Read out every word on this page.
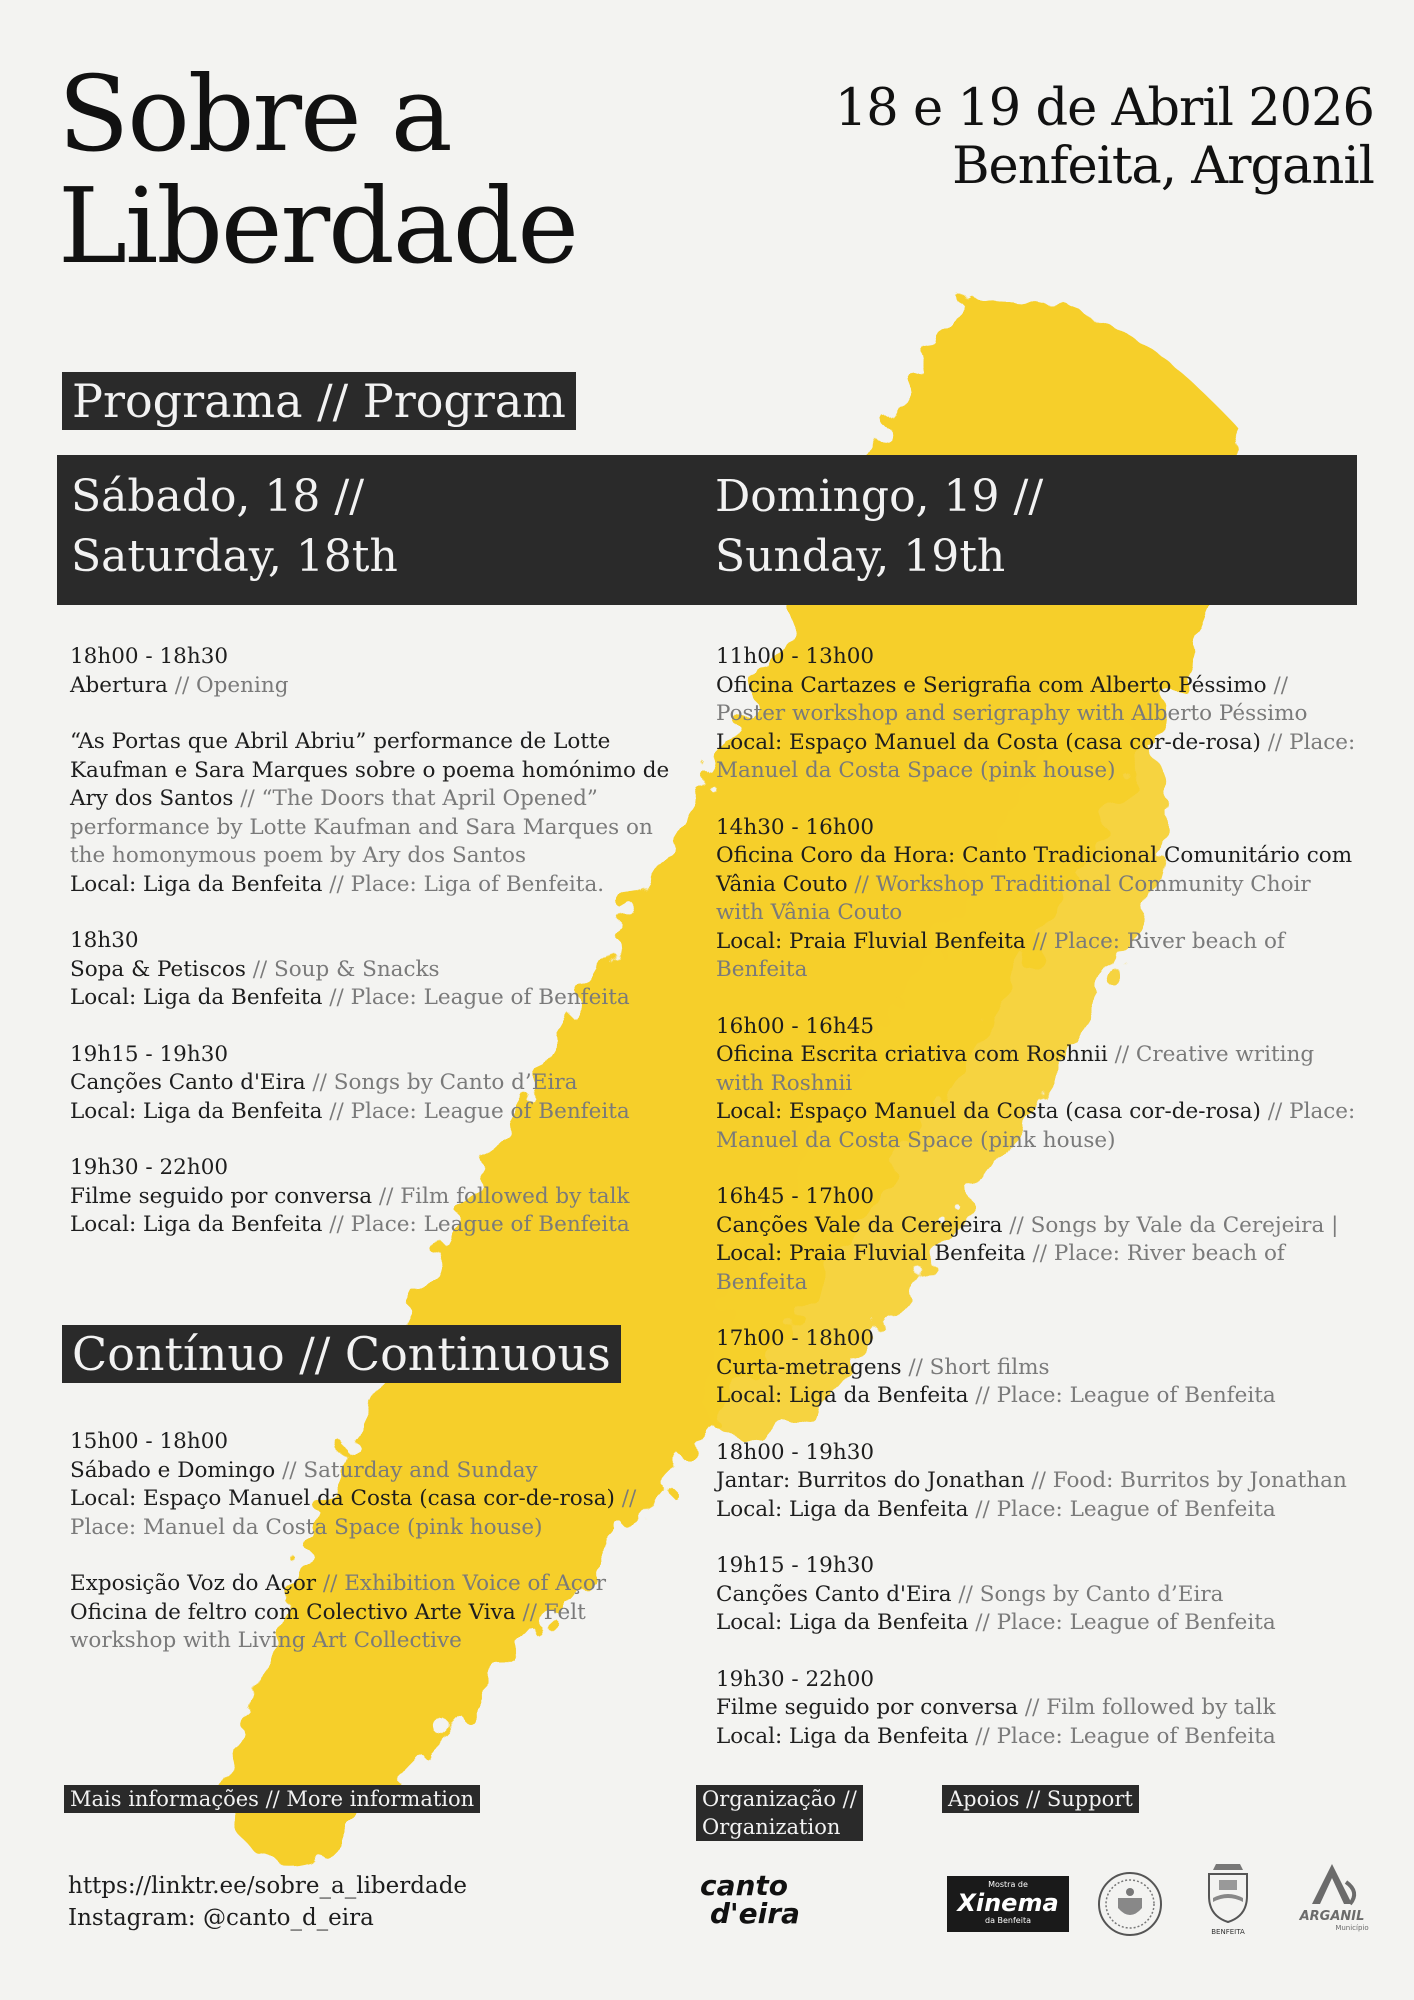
Sobre a
Liberdade
18 e 19 de Abril 2026
Benfeita, Arganil
Programa // Program
Sábado, 18 //
Saturday, 18th
Domingo, 19 //
Sunday, 19th
18h00 - 18h30
Abertura // Opening
“As Portas que Abril Abriu” performance de Lotte Kaufman e Sara Marques sobre o poema homónimo de Ary dos Santos // “The Doors that April Opened” performance by Lotte Kaufman and Sara Marques on the homonymous poem by Ary dos Santos
Local: Liga da Benfeita // Place: Liga of Benfeita.
18h30
Sopa & Petiscos // Soup & Snacks
Local: Liga da Benfeita // Place: League of Benfeita
19h15 - 19h30
Canções Canto d'Eira // Songs by Canto d’Eira
Local: Liga da Benfeita // Place: League of Benfeita
19h30 - 22h00
Filme seguido por conversa // Film followed by talk
Local: Liga da Benfeita // Place: League of Benfeita
Contínuo // Continuous
15h00 - 18h00
Sábado e Domingo // Saturday and Sunday
Local: Espaço Manuel da Costa (casa cor-de-rosa) // Place: Manuel da Costa Space (pink house)
Exposição Voz do Açor // Exhibition Voice of Açor
Oficina de feltro com Colectivo Arte Viva // Felt workshop with Living Art Collective
11h00 - 13h00
Oficina Cartazes e Serigrafia com Alberto Péssimo // Poster workshop and serigraphy with Alberto Péssimo
Local: Espaço Manuel da Costa (casa cor-de-rosa) // Place: Manuel da Costa Space (pink house)
14h30 - 16h00
Oficina Coro da Hora: Canto Tradicional Comunitário com Vânia Couto // Workshop Traditional Community Choir with Vânia Couto
Local: Praia Fluvial Benfeita // Place: River beach of Benfeita
16h00 - 16h45
Oficina Escrita criativa com Roshnii // Creative writing with Roshnii
Local: Espaço Manuel da Costa (casa cor-de-rosa) // Place: Manuel da Costa Space (pink house)
16h45 - 17h00
Canções Vale da Cerejeira // Songs by Vale da Cerejeira |
Local: Praia Fluvial Benfeita // Place: River beach of Benfeita
17h00 - 18h00
Curta-metragens // Short films
Local: Liga da Benfeita // Place: League of Benfeita
18h00 - 19h30
Jantar: Burritos do Jonathan // Food: Burritos by Jonathan
Local: Liga da Benfeita // Place: League of Benfeita
19h15 - 19h30
Canções Canto d'Eira // Songs by Canto d’Eira
Local: Liga da Benfeita // Place: League of Benfeita
19h30 - 22h00
Filme seguido por conversa // Film followed by talk
Local: Liga da Benfeita // Place: League of Benfeita
Mais informações // More information
https://linktr.ee/sobre_a_liberdade
Instagram: @canto_d_eira
Organização //
Organization
Apoios // Support
canto
d'eira
Mostra de
Xinema
da Benfeita
BENFEITA
ARGANIL
Município
